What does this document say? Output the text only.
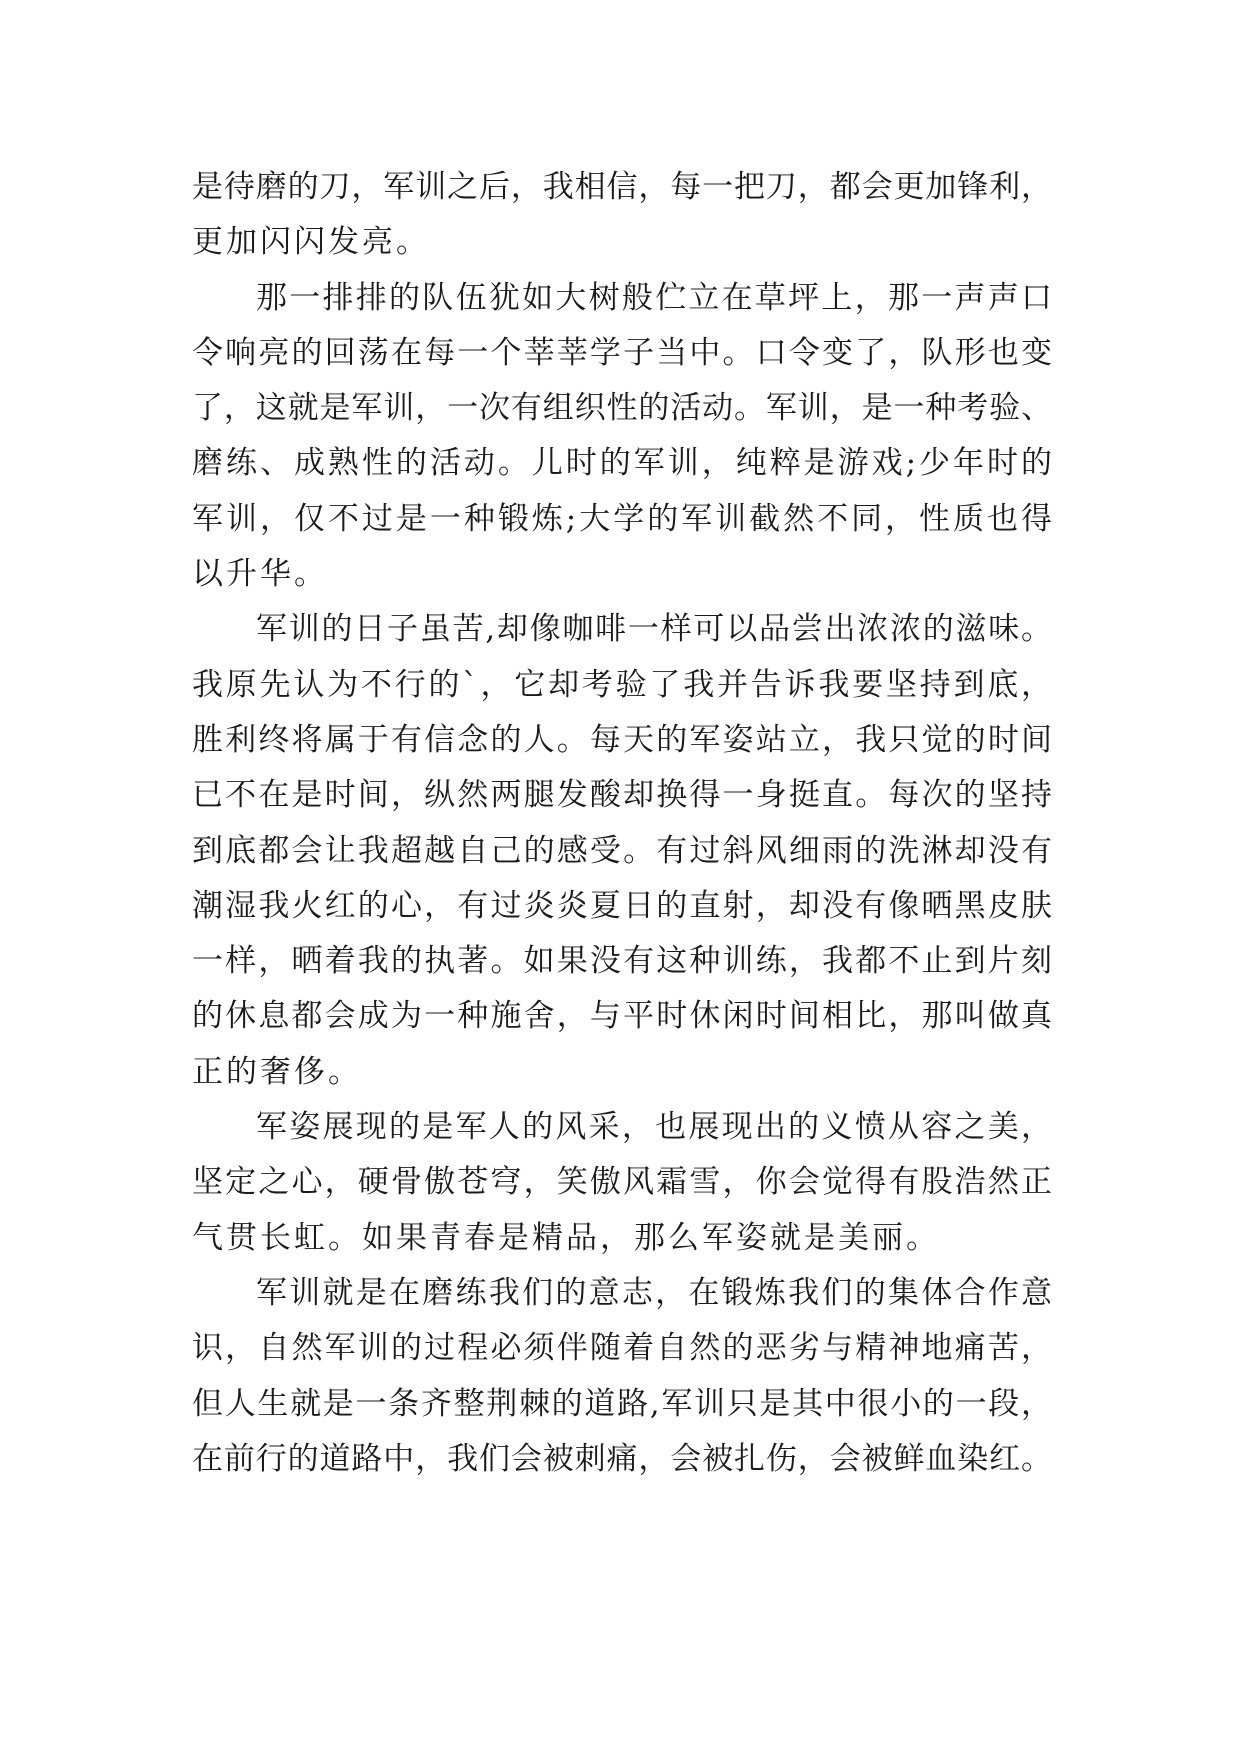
是待磨的刀，军训之后，我相信，每一把刀，都会更加锋利，
更加闪闪发亮。
那一排排的队伍犹如大树般伫立在草坪上，那一声声口
令响亮的回荡在每一个莘莘学子当中。口令变了，队形也变
了，这就是军训，一次有组织性的活动。军训，是一种考验、
磨练、成熟性的活动。儿时的军训，纯粹是游戏;少年时的
军训，仅不过是一种锻炼;大学的军训截然不同，性质也得
以升华。
军训的日子虽苦,却像咖啡一样可以品尝出浓浓的滋味。
我原先认为不行的`，它却考验了我并告诉我要坚持到底，
胜利终将属于有信念的人。每天的军姿站立，我只觉的时间
已不在是时间，纵然两腿发酸却换得一身挺直。每次的坚持
到底都会让我超越自己的感受。有过斜风细雨的洗淋却没有
潮湿我火红的心，有过炎炎夏日的直射，却没有像晒黑皮肤
一样，晒着我的执著。如果没有这种训练，我都不止到片刻
的休息都会成为一种施舍，与平时休闲时间相比，那叫做真
正的奢侈。
军姿展现的是军人的风采，也展现出的义愤从容之美，
坚定之心，硬骨傲苍穹，笑傲风霜雪，你会觉得有股浩然正
气贯长虹。如果青春是精品，那么军姿就是美丽。
军训就是在磨练我们的意志，在锻炼我们的集体合作意
识，自然军训的过程必须伴随着自然的恶劣与精神地痛苦，
但人生就是一条齐整荆棘的道路,军训只是其中很小的一段，
在前行的道路中，我们会被刺痛，会被扎伤，会被鲜血染红。
